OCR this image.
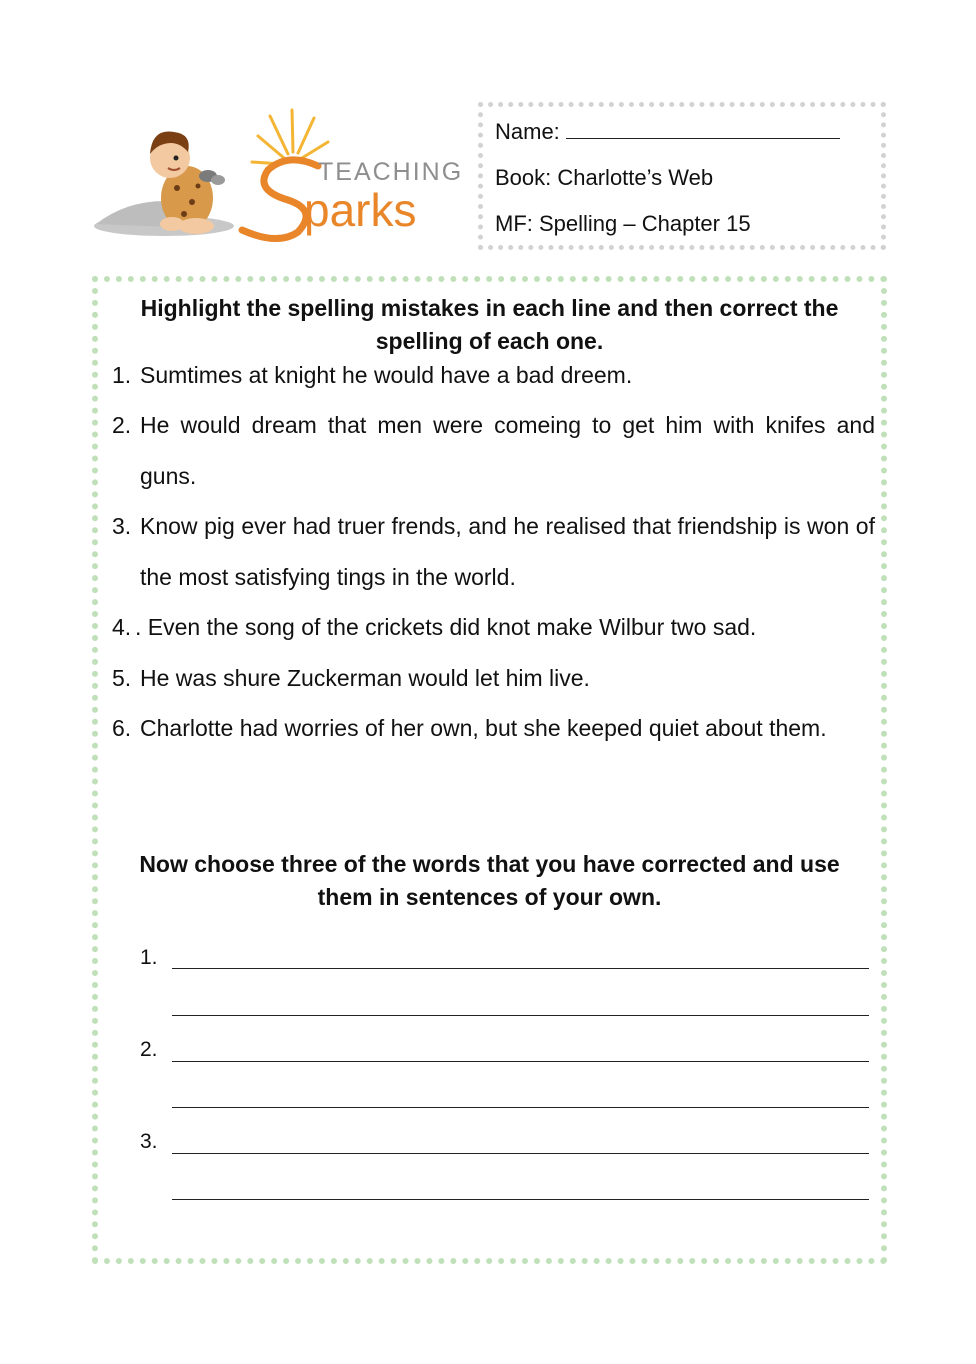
TEACHING
parks
Name:
Book: Charlotte’s Web
MF: Spelling – Chapter 15
Highlight the spelling mistakes in each line and then correct the
spelling of each one.
1. Sumtimes at knight he would have a bad dreem.
2. He would dream that men were comeing to get him with knifes and guns.
3. Know pig ever had truer frends, and he realised that friendship is won of the most satisfying tings in the world.
4. . Even the song of the crickets did knot make Wilbur two sad.
5. He was shure Zuckerman would let him live.
6. Charlotte had worries of her own, but she keeped quiet about them.
Now choose three of the words that you have corrected and use
them in sentences of your own.
1.
2.
3.
